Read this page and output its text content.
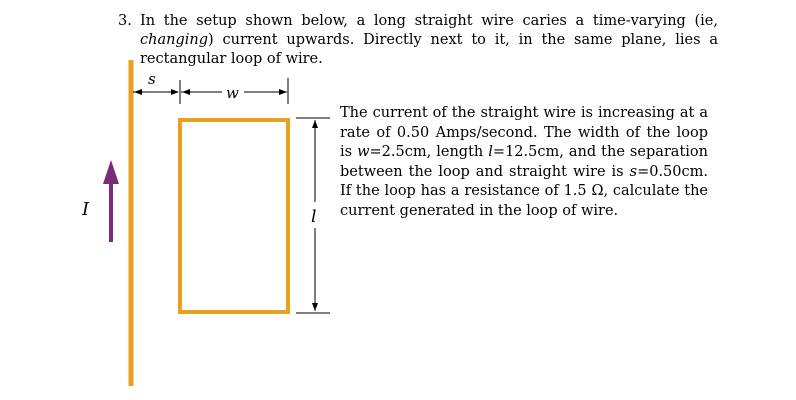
3. In the setup shown below, a long straight wire caries a time-varying (ie, changing) current upwards. Directly next to it, in the same plane, lies a rectangular loop of wire.
I
s
w
l
The current of the straight wire is increasing at a rate of 0.50 Amps/second. The width of the loop is w=2.5cm, length l=12.5cm, and the separation between the loop and straight wire is s=0.50cm. If the loop has a resistance of 1.5 Ω, calculate the current generated in the loop of wire.
